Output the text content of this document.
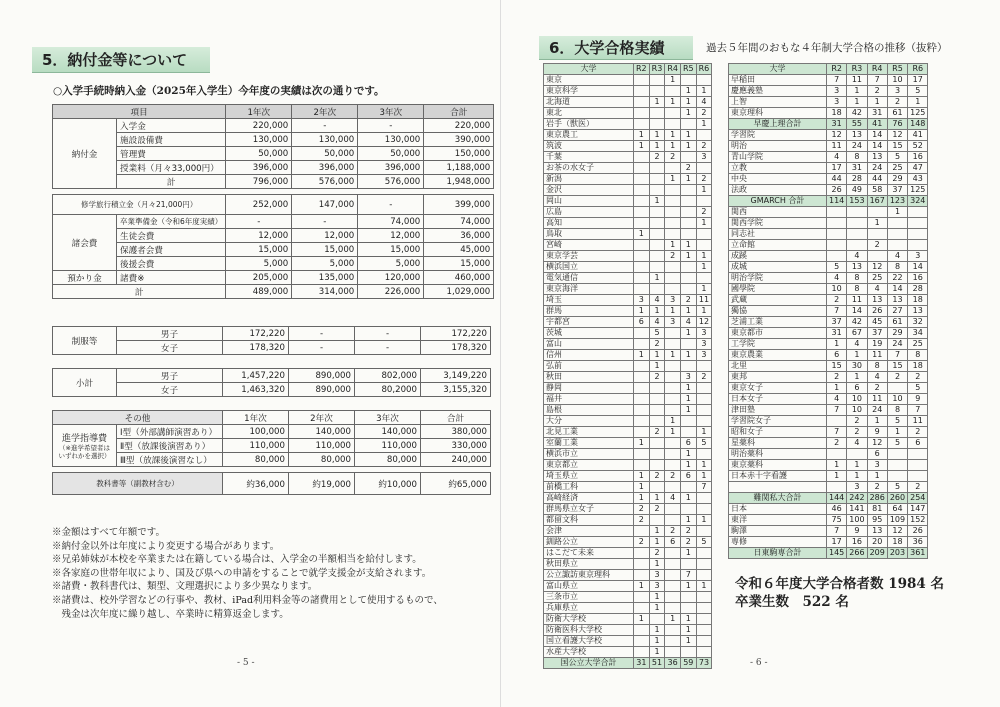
5．納付金等について
○入学手続時納入金（2025年入学生）今年度の実績は次の通りです。

項目		1年次	2年次	3年次	合計
納付金	入学金	220,000	-	-	220,000
	施設設備費	130,000	130,000	130,000	390,000
	管理費	50,000	50,000	50,000	150,000
	授業料（月々33,000円）	396,000	396,000	396,000	1,188,000
	計	796,000	576,000	576,000	1,948,000

修学旅行積立金（月々21,000円）		252,000	147,000	-	399,000
諸会費	卒業準備金（令和6年度実績）	-	-	74,000	74,000
	生徒会費	12,000	12,000	12,000	36,000
	保護者会費	15,000	15,000	15,000	45,000
	後援会費	5,000	5,000	5,000	15,000
預かり金	諸費※	205,000	135,000	120,000	460,000
計		489,000	314,000	226,000	1,029,000

制服等	男子	172,220	-	-	172,220
	女子	178,320	-	-	178,320

小計	男子	1,457,220	890,000	802,000	3,149,220
	女子	1,463,320	890,000	80,2000	3,155,320

その他		1年次	2年次	3年次	合計

進学指導費
（※進学希望者はいずれかを選択）	Ⅰ型（外部講師演習あり）	100,000	140,000	140,000	380,000
	Ⅱ型（放課後演習あり）	110,000	110,000	110,000	330,000
	Ⅲ型（放課後演習なし）	80,000	80,000	80,000	240,000

教科書等（副教材含む）		約36,000	約19,000	約10,000	約65,000
※金額はすべて年額です。
※納付金以外は年度により変更する場合があります。
※兄弟姉妹が本校を卒業または在籍している場合は、入学金の半額相当を給付します。
※各家庭の世帯年収により、国及び県への申請をすることで就学支援金が支給されます。
※諸費・教科書代は、類型、文理選択により多少異なります。
※諸費は、校外学習などの行事や、教材、iPad利用料金等の諸費用として使用するもので、
　残金は次年度に繰り越し、卒業時に精算返金します。
- 5 -
6．大学合格実績	過去５年間のおもな４年制大学合格の推移（抜粋）
- 6 -
大学	R2	R3	R4	R5	R6
東京			1		
東京科学				1	1
北海道		1	1	1	4
東北				1	2
岩手（獣医）					1
東京農工	1	1	1	1	
筑波	1	1	1	1	2
千葉		2	2		3
お茶の水女子				2	
新潟			1	1	2
金沢					1
岡山		1			
広島					2
高知					1
鳥取	1				
宮崎			1	1	
東京学芸			2	1	1
横浜国立					1
電気通信		1			
東京海洋					1
埼玉	3	4	3	2	11
群馬	1	1	1	1	1
宇都宮	6	4	3	4	12
茨城		5		1	3
富山		2			3
信州	1	1	1	1	3
弘前		1			
秋田		2		3	2
静岡				1	
福井				1	
島根				1	
大分			1		
北見工業		2	1		1
室蘭工業	1			6	5
横浜市立				1	
東京都立				1	1
埼玉県立	1	2	2	6	1
前橋工科	1				7
高崎経済	1	1	4	1	
群馬県立女子	2	2			
都留文科	2			1	1
会津		1	2	2	
釧路公立	2	1	6	2	5
はこだて未来		2		1	
秋田県立		1			
公立諏訪東京理科		3		7	
富山県立	1	3		1	1
三条市立		1			
兵庫県立		1			
防衛大学校	1		1	1	
防衛医科大学校		1		1	
国立看護大学校		1		1	
水産大学校		1			
国公立大学合計	31	51	36	59	73
大学	R2	R3	R4	R5	R6
早稲田	7	11	7	10	17
慶應義塾	3	1	2	3	5
上智	3	1	1	2	1
東京理科	18	42	31	61	125
早慶上理合計	31	55	41	76	148
学習院	12	13	14	12	41
明治	11	24	14	15	52
青山学院	4	8	13	5	16
立教	17	31	24	25	47
中央	44	28	44	29	43
法政	26	49	58	37	125
GMARCH 合計	114	153	167	123	324
関西				1	
関西学院			1		
同志社					
立命館			2		
成蹊		4		4	3
成城	5	13	12	8	14
明治学院	4	8	25	22	16
國學院	10	8	4	14	28
武蔵	2	11	13	13	18
獨協	7	14	26	27	13
芝浦工業	37	42	45	61	32
東京都市	31	67	37	29	34
工学院	1	4	19	24	25
東京農業	6	1	11	7	8
北里	15	30	8	15	18
東邦	2	1	4	2	2
東京女子	1	6	2		5
日本女子	4	10	11	10	9
津田塾	7	10	24	8	7
学習院女子		2	1	5	11
昭和女子	7	2	9	1	2
星薬科	2	4	12	5	6
明治薬科			6		
東京薬科	1	1	3		
日本赤十字看護	1	1	1		
		3	2	5	2
難関私大合計	144	242	286	260	254
日本	46	141	81	64	147
東洋	75	100	95	109	152
駒澤	7	9	13	12	26
専修	17	16	20	18	36
日東駒専合計	145	266	209	203	361
令和６年度大学合格者数 1984 名
卒業生数　522 名
